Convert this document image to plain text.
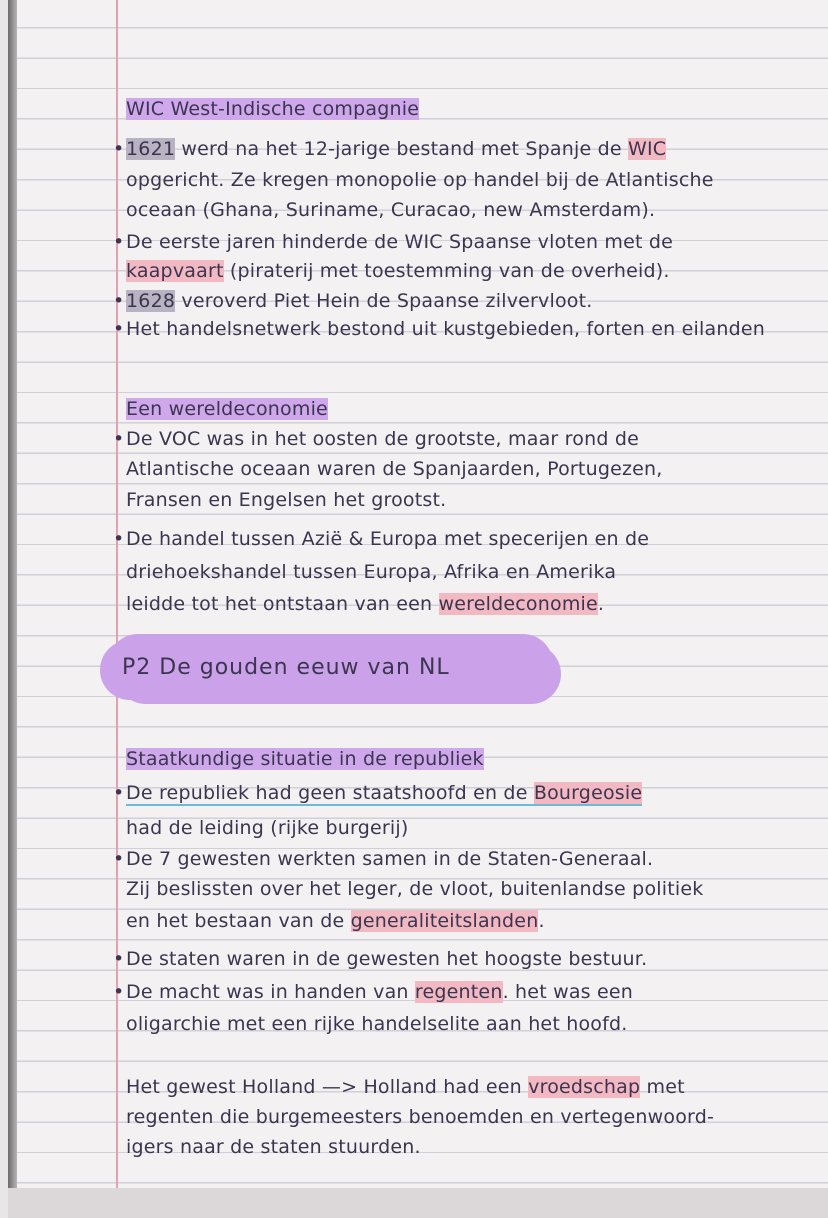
WIC West-Indische compagnie
• 1621 werd na het 12-jarige bestand met Spanje de WIC
opgericht. Ze kregen monopolie op handel bij de Atlantische
oceaan (Ghana, Suriname, Curacao, new Amsterdam).
• De eerste jaren hinderde de WIC Spaanse vloten met de
kaapvaart (piraterij met toestemming van de overheid).
• 1628 veroverd Piet Hein de Spaanse zilvervloot.
• Het handelsnetwerk bestond uit kustgebieden, forten en eilanden
Een wereldeconomie
• De VOC was in het oosten de grootste, maar rond de
Atlantische oceaan waren de Spanjaarden, Portugezen,
Fransen en Engelsen het grootst.
• De handel tussen Azië & Europa met specerijen en de
driehoekshandel tussen Europa, Afrika en Amerika
leidde tot het ontstaan van een wereldeconomie.
Staatkundige situatie in de republiek
• De republiek had geen staatshoofd en de Bourgeosie
had de leiding (rijke burgerij)
• De 7 gewesten werkten samen in de Staten-Generaal.
Zij beslissten over het leger, de vloot, buitenlandse politiek
en het bestaan van de generaliteitslanden.
• De staten waren in de gewesten het hoogste bestuur.
• De macht was in handen van regenten. het was een
oligarchie met een rijke handelselite aan het hoofd.
Het gewest Holland —> Holland had een vroedschap met
regenten die burgemeesters benoemden en vertegenwoord-
igers naar de staten stuurden.
P2 De gouden eeuw van NL
